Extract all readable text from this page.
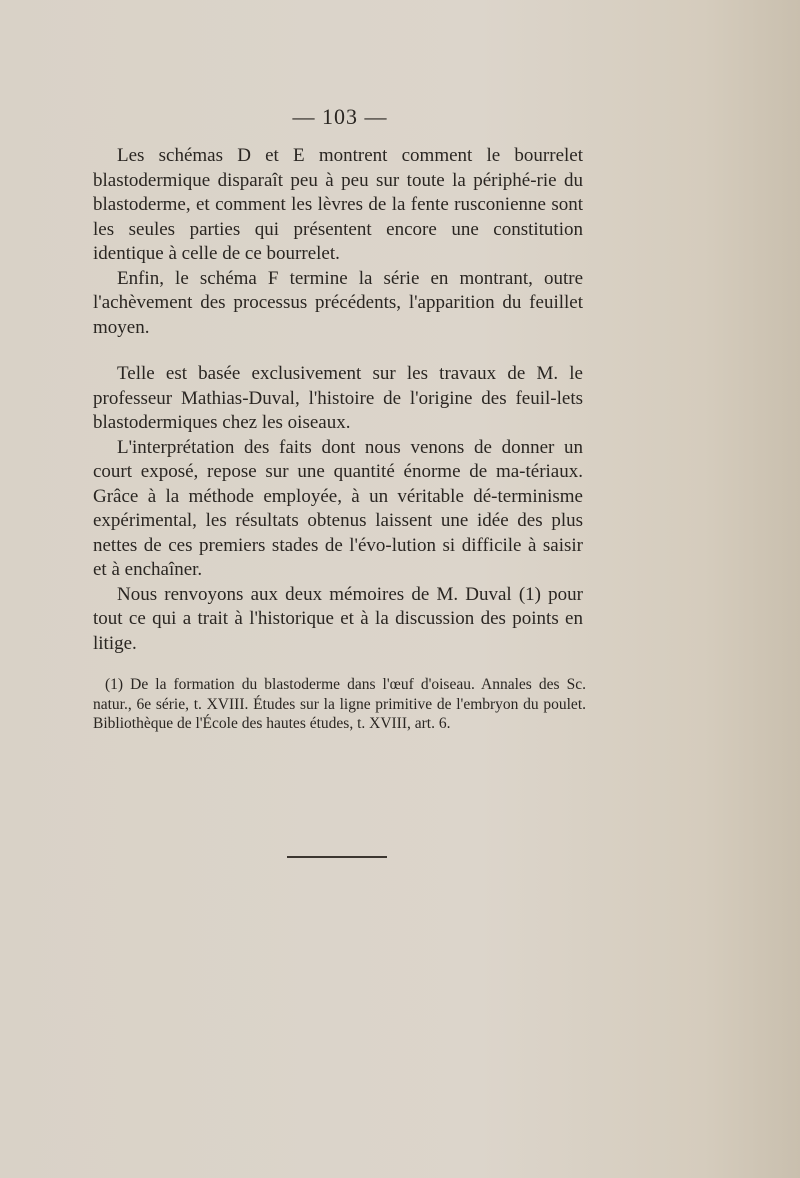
— 103 —

Les schémas D et E montrent comment le bourrelet blastodermique disparaît peu à peu sur toute la périphé-rie du blastoderme, et comment les lèvres de la fente rusconienne sont les seules parties qui présentent encore une constitution identique à celle de ce bourrelet.

Enfin, le schéma F termine la série en montrant, outre l'achèvement des processus précédents, l'apparition du feuillet moyen.

Telle est basée exclusivement sur les travaux de M. le professeur Mathias-Duval, l'histoire de l'origine des feuil-lets blastodermiques chez les oiseaux.

L'interprétation des faits dont nous venons de donner un court exposé, repose sur une quantité énorme de ma-tériaux. Grâce à la méthode employée, à un véritable dé-terminisme expérimental, les résultats obtenus laissent une idée des plus nettes de ces premiers stades de l'évo-lution si difficile à saisir et à enchaîner.

Nous renvoyons aux deux mémoires de M. Duval (1) pour tout ce qui a trait à l'historique et à la discussion des points en litige.

(1) De la formation du blastoderme dans l'œuf d'oiseau. Annales des Sc. natur., 6e série, t. XVIII. Études sur la ligne primitive de l'embryon du poulet. Bibliothèque de l'École des hautes études, t. XVIII, art. 6.
